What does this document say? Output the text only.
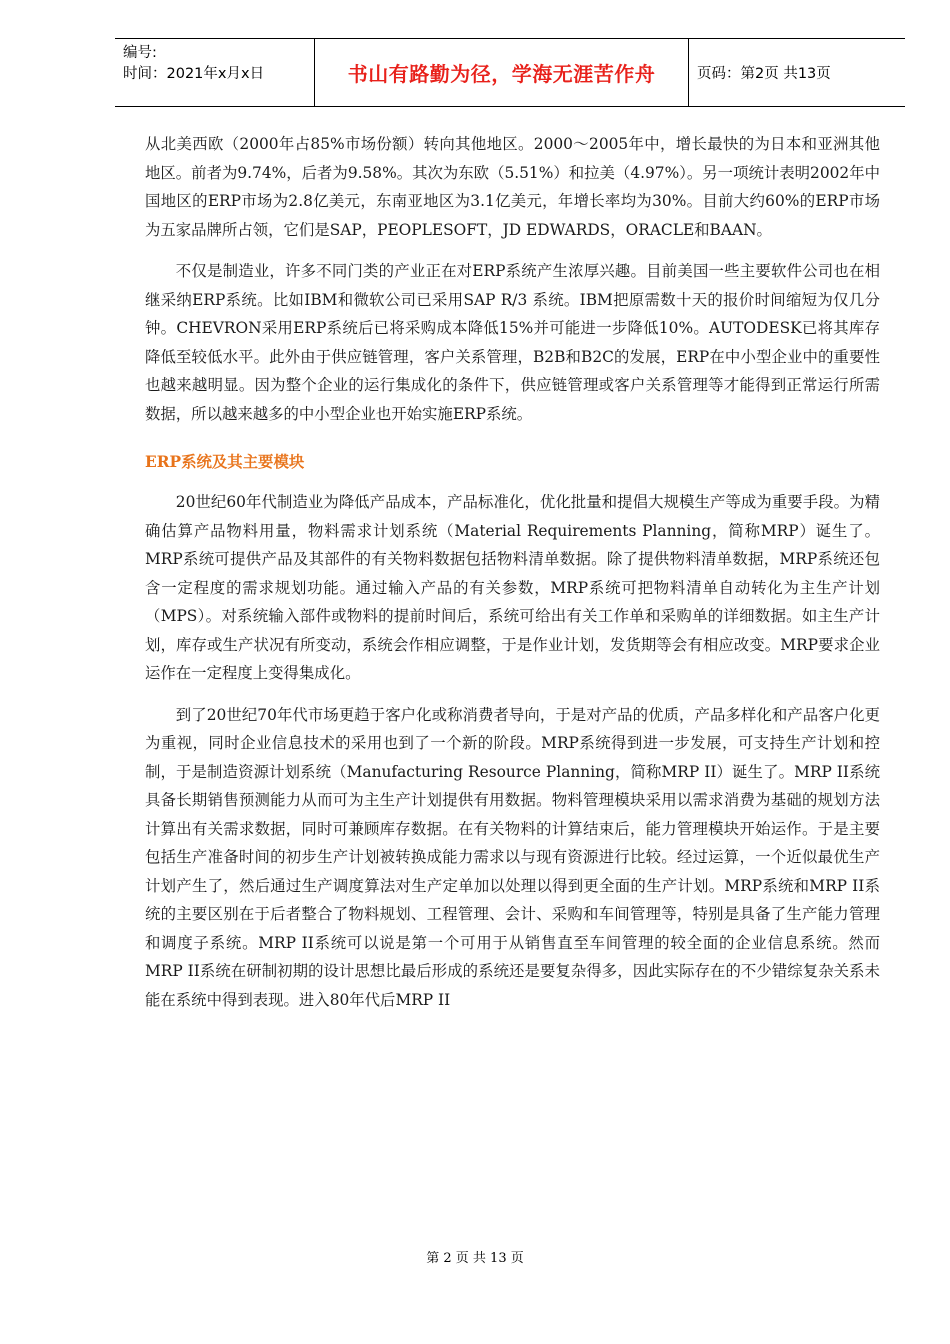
编号:
时间：2021年x月x日	书山有路勤为径，学海无涯苦作舟	页码：第2页 共13页

从北美西欧（2000年占85%市场份额）转向其他地区。2000～2005年中，增长最快的为日本和亚洲其他地区。前者为9.74%，后者为9.58%。其次为东欧（5.51%）和拉美（4.97%）。另一项统计表明2002年中国地区的ERP市场为2.8亿美元，东南亚地区为3.1亿美元，年增长率均为30%。目前大约60%的ERP市场为五家品牌所占领，它们是SAP，PEOPLESOFT，JD EDWARDS，ORACLE和BAAN。

不仅是制造业，许多不同门类的产业正在对ERP系统产生浓厚兴趣。目前美国一些主要软件公司也在相继采纳ERP系统。比如IBM和微软公司已采用SAP R/3 系统。IBM把原需数十天的报价时间缩短为仅几分钟。CHEVRON采用ERP系统后已将采购成本降低15%并可能进一步降低10%。AUTODESK已将其库存降低至较低水平。此外由于供应链管理，客户关系管理，B2B和B2C的发展，ERP在中小型企业中的重要性也越来越明显。因为整个企业的运行集成化的条件下，供应链管理或客户关系管理等才能得到正常运行所需数据，所以越来越多的中小型企业也开始实施ERP系统。

ERP系统及其主要模块

20世纪60年代制造业为降低产品成本，产品标准化，优化批量和提倡大规模生产等成为重要手段。为精确估算产品物料用量，物料需求计划系统（Material Requirements Planning，简称MRP）诞生了。MRP系统可提供产品及其部件的有关物料数据包括物料清单数据。除了提供物料清单数据，MRP系统还包含一定程度的需求规划功能。通过输入产品的有关参数，MRP系统可把物料清单自动转化为主生产计划（MPS）。对系统输入部件或物料的提前时间后，系统可给出有关工作单和采购单的详细数据。如主生产计划，库存或生产状况有所变动，系统会作相应调整，于是作业计划，发货期等会有相应改变。MRP要求企业运作在一定程度上变得集成化。

到了20世纪70年代市场更趋于客户化或称消费者导向，于是对产品的优质，产品多样化和产品客户化更为重视，同时企业信息技术的采用也到了一个新的阶段。MRP系统得到进一步发展，可支持生产计划和控制，于是制造资源计划系统（Manufacturing Resource Planning，简称MRP II）诞生了。MRP II系统具备长期销售预测能力从而可为主生产计划提供有用数据。物料管理模块采用以需求消费为基础的规划方法计算出有关需求数据，同时可兼顾库存数据。在有关物料的计算结束后，能力管理模块开始运作。于是主要包括生产准备时间的初步生产计划被转换成能力需求以与现有资源进行比较。经过运算，一个近似最优生产计划产生了，然后通过生产调度算法对生产定单加以处理以得到更全面的生产计划。MRP系统和MRP II系统的主要区别在于后者整合了物料规划、工程管理、会计、采购和车间管理等，特别是具备了生产能力管理和调度子系统。MRP II系统可以说是第一个可用于从销售直至车间管理的较全面的企业信息系统。然而MRP II系统在研制初期的设计思想比最后形成的系统还是要复杂得多，因此实际存在的不少错综复杂关系未能在系统中得到表现。进入80年代后MRP II

第 2 页 共 13 页
